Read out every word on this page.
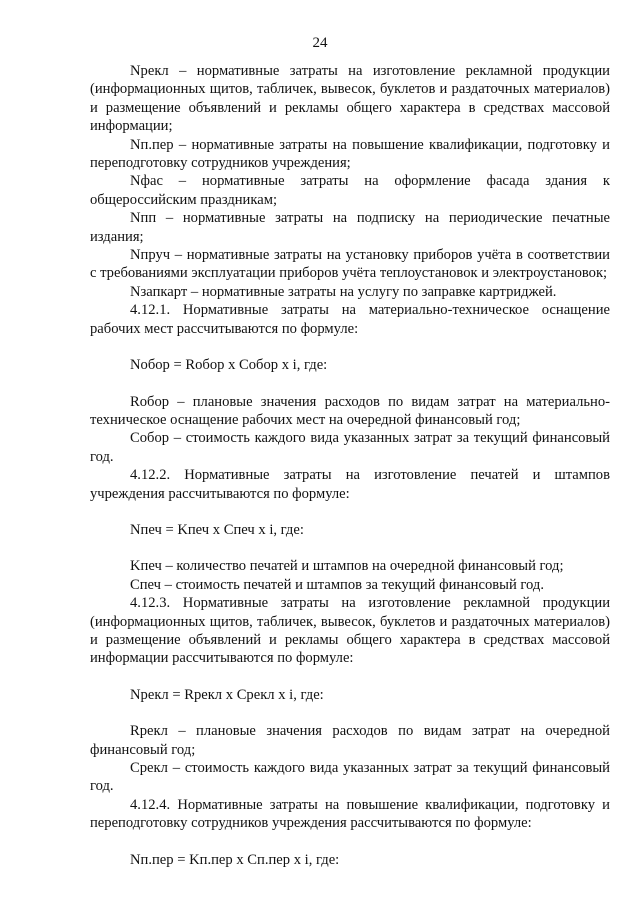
24

Nрекл – нормативные затраты на изготовление рекламной продукции (информационных щитов, табличек, вывесок, буклетов и раздаточных материалов) и размещение объявлений и рекламы общего характера в средствах массовой информации;

Nп.пер – нормативные затраты на повышение квалификации, подготовку и переподготовку сотрудников учреждения;

Nфас – нормативные затраты на оформление фасада здания к общероссийским праздникам;

Nпп – нормативные затраты на подписку на периодические печатные издания;

Nпруч – нормативные затраты на установку приборов учёта в соответствии с требованиями эксплуатации приборов учёта теплоустановок и электроустановок;

Nзапкарт – нормативные затраты на услугу по заправке картриджей.

4.12.1. Нормативные затраты на материально-техническое оснащение рабочих мест рассчитываются по формуле:

Nобор = Rобор x Cобор x i, где:

Rобор – плановые значения расходов по видам затрат на материально-техническое оснащение рабочих мест на очередной финансовый год;

Cобор – стоимость каждого вида указанных затрат за текущий финансовый год.

4.12.2. Нормативные затраты на изготовление печатей и штампов учреждения рассчитываются по формуле:

Nпеч = Kпеч x Спеч x i, где:

Kпеч – количество печатей и штампов на очередной финансовый год;

Спеч – стоимость печатей и штампов за текущий финансовый год.

4.12.3. Нормативные затраты на изготовление рекламной продукции (информационных щитов, табличек, вывесок, буклетов и раздаточных материалов) и размещение объявлений и рекламы общего характера в средствах массовой информации рассчитываются по формуле:

Nрекл = Rрекл x Срекл x i, где:

Rрекл – плановые значения расходов по видам затрат на очередной финансовый год;

Срекл – стоимость каждого вида указанных затрат за текущий финансовый год.

4.12.4. Нормативные затраты на повышение квалификации, подготовку и переподготовку сотрудников учреждения рассчитываются по формуле:

Nп.пер = Kп.пер x Cп.пер x i, где:
